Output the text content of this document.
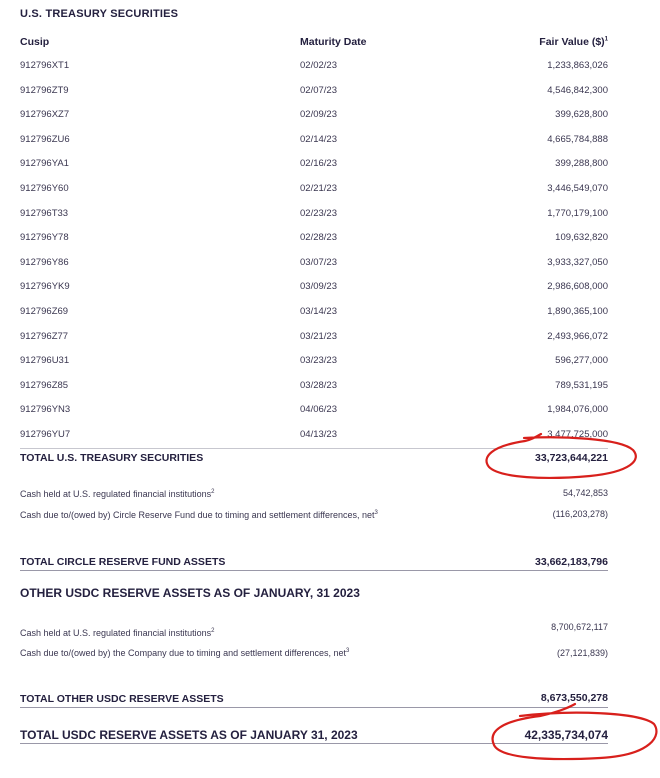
U.S. TREASURY SECURITIES
Cusip	Maturity Date	Fair Value ($)$^1$
912796XT1	02/02/23	1,233,863,026
912796ZT9	02/07/23	4,546,842,300
912796XZ7	02/09/23	399,628,800
912796ZU6	02/14/23	4,665,784,888
912796YA1	02/16/23	399,288,800
912796Y60	02/21/23	3,446,549,070
912796T33	02/23/23	1,770,179,100
912796Y78	02/28/23	109,632,820
912796Y86	03/07/23	3,933,327,050
912796YK9	03/09/23	2,986,608,000
912796Z69	03/14/23	1,890,365,100
912796Z77	03/21/23	2,493,966,072
912796U31	03/23/23	596,277,000
912796Z85	03/28/23	789,531,195
912796YN3	04/06/23	1,984,076,000
912796YU7	04/13/23	3,477,725,000
TOTAL U.S. TREASURY SECURITIES	33,723,644,221
Cash held at U.S. regulated financial institutions$^2$	54,742,853
Cash due to/(owed by) Circle Reserve Fund due to timing and settlement differences, net$^3$	(116,203,278)
TOTAL CIRCLE RESERVE FUND ASSETS	33,662,183,796
OTHER USDC RESERVE ASSETS AS OF JANUARY, 31 2023
Cash held at U.S. regulated financial institutions$^2$	8,700,672,117
Cash due to/(owed by) the Company due to timing and settlement differences, net$^3$	(27,121,839)
TOTAL OTHER USDC RESERVE ASSETS	8,673,550,278
TOTAL USDC RESERVE ASSETS AS OF JANUARY 31, 2023	42,335,734,074
